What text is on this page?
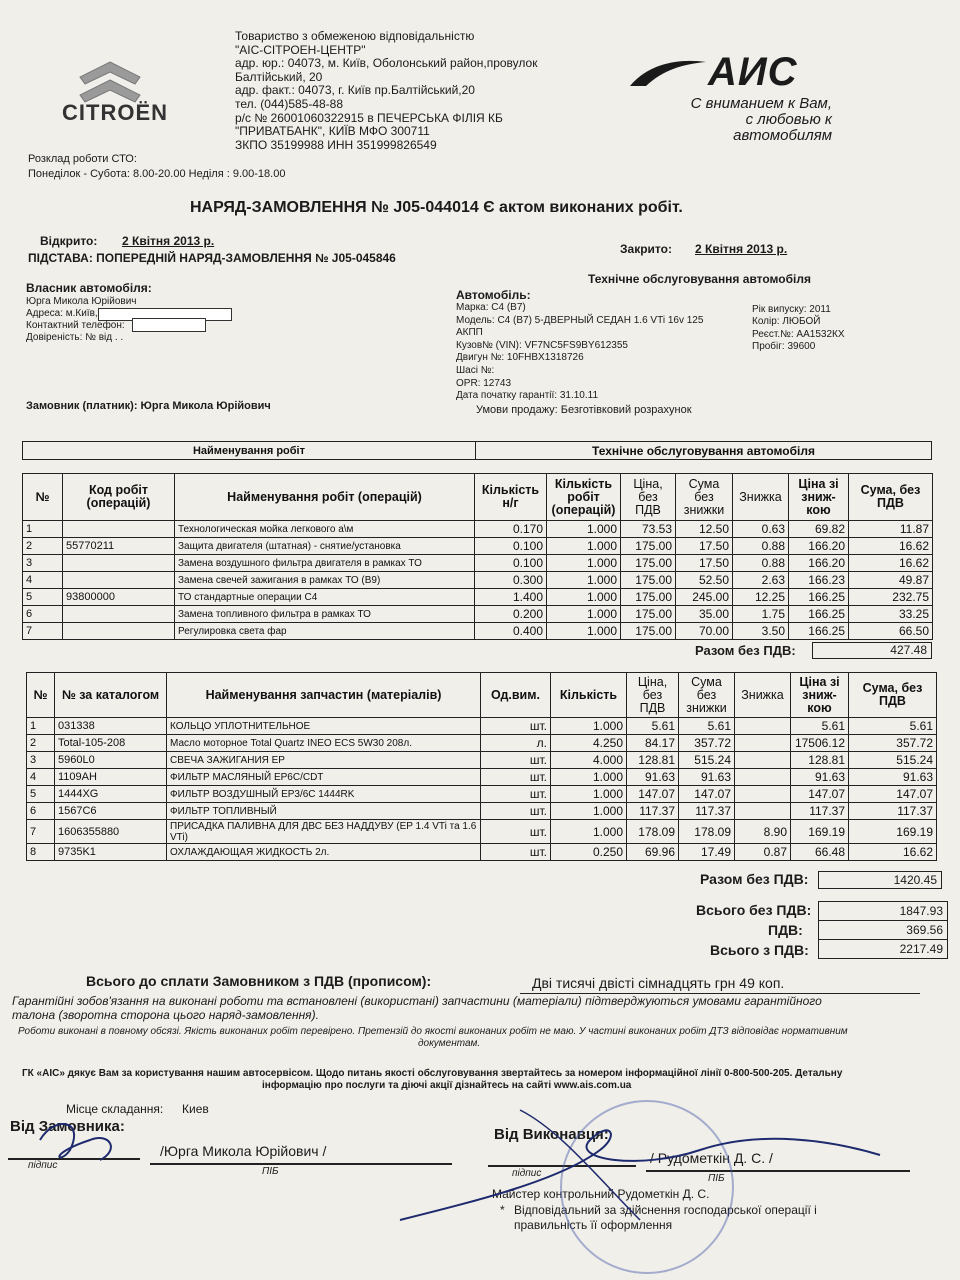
CITROËN
Товариство з обмеженою відповідальністю
"АІС-СІТРОЕН-ЦЕНТР"
адр. юр.: 04073, м. Київ, Оболонський район,провулок
Балтійський, 20
адр. факт.: 04073, г. Київ пр.Балтійський,20
тел. (044)585-48-88
р/с № 26001060322915 в ПЕЧЕРСЬКА ФІЛІЯ КБ
"ПРИВАТБАНК", КИЇВ МФО 300711
ЗКПО 35199988 ИНН 351999826549
АИС
С вниманием к Вам,
с любовью к автомобилям
Розклад роботи СТО:
Понеділок - Субота: 8.00-20.00 Неділя : 9.00-18.00
НАРЯД-ЗАМОВЛЕННЯ № J05-044014 Є актом виконаних робіт.
Відкрито: 2 Квітня 2013 р.
ПІДСТАВА: ПОПЕРЕДНІЙ НАРЯД-ЗАМОВЛЕННЯ № J05-045846
Закрито: 2 Квітня 2013 р.
Технічне обслуговування автомобіля
Власник автомобіля:
Юрга Микола Юрійович
Адреса: м.Київ,
Контактний телефон:
Довіреність: № від . .
Замовник (платник): Юрга Микола Юрійович
Автомобіль:
Марка: C4 (B7)
Модель: C4 (B7) 5-ДВЕРНЫЙ СЕДАН 1.6 VTi 16v 125
АКПП
Кузов№ (VIN): VF7NC5FS9BY612355
Двигун №: 10FHBX1318726
Шасі №:
OPR: 12743
Дата початку гарантії: 31.10.11
Рік випуску: 2011
Колір: ЛЮБОЙ
Реєст.№: АА1532КХ
Пробіг: 39600
Умови продажу: Безготівковий розрахунок
Найменування робіт	Технічне обслуговування автомобіля
№	Код робіт (операцій)	Найменування робіт (операцій)	Кількість н/г	Кількість робіт (операцій)	Ціна, без ПДВ	Сума без знижки	Знижка	Ціна зі зниж-кою	Сума, без ПДВ
1		Технологическая мойка легкового а\м	0.170	1.000	73.53	12.50	0.63	69.82	11.87
2	55770211	Защита двигателя (штатная) - снятие/установка	0.100	1.000	175.00	17.50	0.88	166.20	16.62
3		Замена воздушного фильтра двигателя в рамках ТО	0.100	1.000	175.00	17.50	0.88	166.20	16.62
4		Замена свечей зажигания в рамках ТО (В9)	0.300	1.000	175.00	52.50	2.63	166.23	49.87
5	93800000	ТО стандартные операции С4	1.400	1.000	175.00	245.00	12.25	166.25	232.75
6		Замена топливного фильтра в рамках ТО	0.200	1.000	175.00	35.00	1.75	166.25	33.25
7		Регулировка света фар	0.400	1.000	175.00	70.00	3.50	166.25	66.50
Разом без ПДВ:	427.48
№	№ за каталогом	Найменування запчастин (матеріалів)	Од.вим.	Кількість	Ціна, без ПДВ	Сума без знижки	Знижка	Ціна зі зниж-кою	Сума, без ПДВ
1	031338	КОЛЬЦО УПЛОТНИТЕЛЬНОЕ	шт.	1.000	5.61	5.61		5.61	5.61
2	Total-105-208	Масло моторное Total Quartz INEO ECS 5W30 208л.	л.	4.250	84.17	357.72		17506.12	357.72
3	5960L0	СВЕЧА ЗАЖИГАНИЯ EP	шт.	4.000	128.81	515.24		128.81	515.24
4	1109AH	ФИЛЬТР МАСЛЯНЫЙ EP6C/CDT	шт.	1.000	91.63	91.63		91.63	91.63
5	1444XG	ФИЛЬТР ВОЗДУШНЫЙ EP3/6C 1444RK	шт.	1.000	147.07	147.07		147.07	147.07
6	1567C6	ФИЛЬТР ТОПЛИВНЫЙ	шт.	1.000	117.37	117.37		117.37	117.37
7	1606355880	ПРИСАДКА ПАЛИВНА ДЛЯ ДВС БЕЗ НАДДУВУ (EP 1.4 VTi та 1.6 VTi)	шт.	1.000	178.09	178.09	8.90	169.19	169.19
8	9735K1	ОХЛАЖДАЮЩАЯ ЖИДКОСТЬ 2л.	шт.	0.250	69.96	17.49	0.87	66.48	16.62
Разом без ПДВ:	1420.45
Всього без ПДВ:	1847.93
ПДВ:	369.56
Всього з ПДВ:	2217.49
Всього до сплати Замовником з ПДВ (прописом):	Дві тисячі двісті сімнадцять грн 49 коп.
Гарантійні зобов'язання на виконані роботи та встановлені (використані) запчастини (матеріали) підтверджуються умовами гарантійного
талона (зворотна сторона цього наряд-замовлення).
Роботи виконані в повному обсязі. Якість виконаних робіт перевірено. Претензій до якості виконаних робіт не маю. У частині виконаних робіт ДТЗ відповідає нормативним
документам.
ГК «АІС» дякує Вам за користування нашим автосервісом. Щодо питань якості обслуговування звертайтесь за номером інформаційної лінії 0-800-500-205. Детальну
інформацію про послуги та діючі акції дізнайтесь на сайті www.ais.com.ua
Місце складання: Киев
Від Замовника:
підпис
/Юрга Микола Юрійович /
ПІБ
Від Виконавця:
підпис
/ Рудометкін Д. С. /
ПІБ
Майстер контрольний Рудометкін Д. С.
* Відповідальний за здійснення господарської операції і
правильність її оформлення
